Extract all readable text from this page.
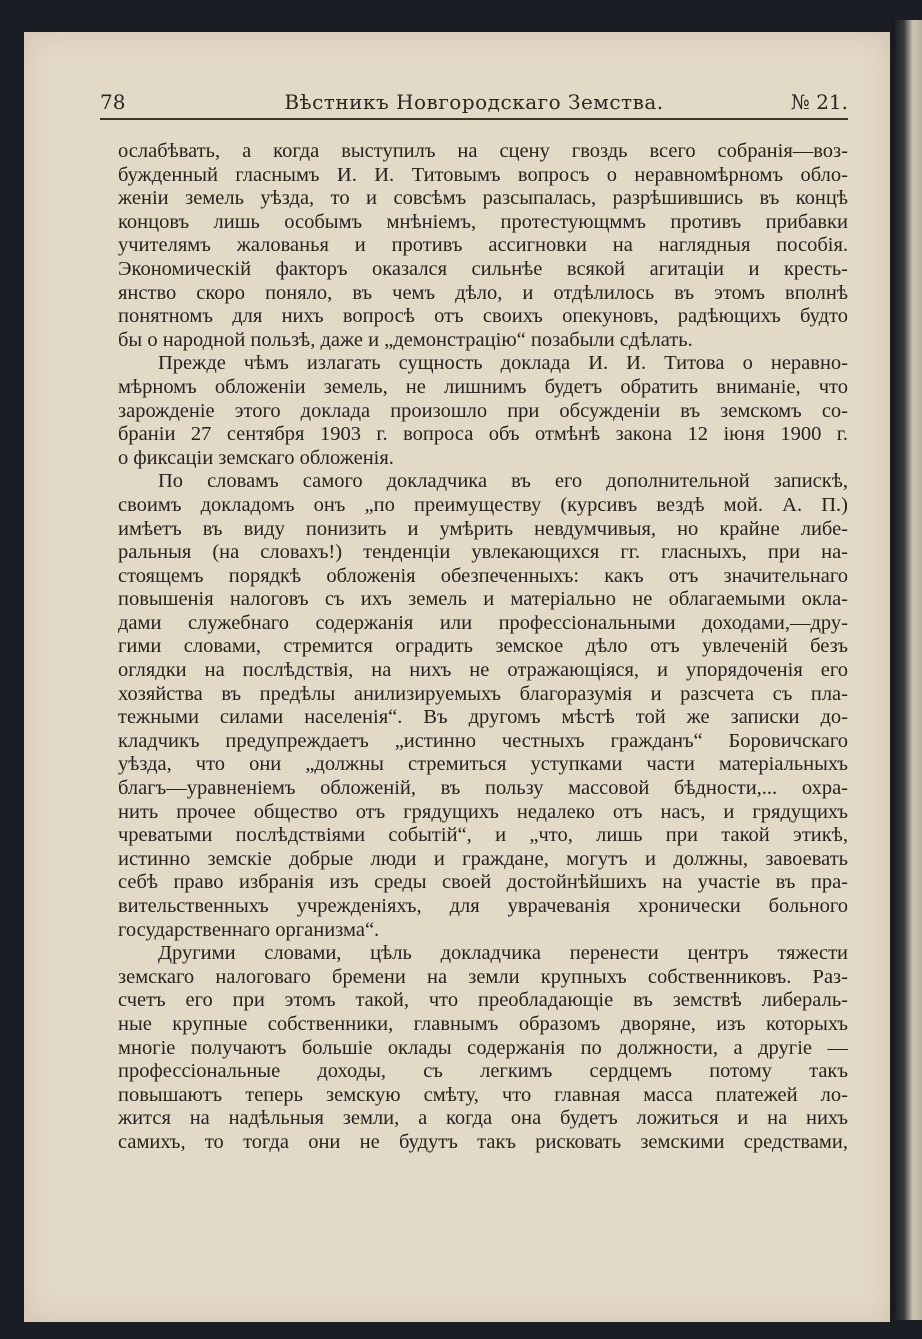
78	Вѣстникъ Новгородскаго Земства.	№ 21.

ослабѣвать, а когда выступилъ на сцену гвоздь всего собранія—воз-
бужденный гласнымъ И. И. Титовымъ вопросъ о неравномѣрномъ обло-
женіи земель уѣзда, то и совсѣмъ разсыпалась, разрѣшившись въ концѣ
концовъ лишь особымъ мнѣніемъ, протестующммъ противъ прибавки
учителямъ жалованья и противъ ассигновки на наглядныя пособія.
Экономическій факторъ оказался сильнѣе всякой агитаціи и кресть-
янство скоро поняло, въ чемъ дѣло, и отдѣлилось въ этомъ вполнѣ
понятномъ для нихъ вопросѣ отъ своихъ опекуновъ, радѣющихъ будто
бы о народной пользѣ, даже и „демонстрацію“ позабыли сдѣлать.

Прежде чѣмъ излагать сущность доклада И. И. Титова о неравно-
мѣрномъ обложеніи земель, не лишнимъ будетъ обратить вниманіе, что
зарожденіе этого доклада произошло при обсужденіи въ земскомъ со-
браніи 27 сентября 1903 г. вопроса объ отмѣнѣ закона 12 іюня 1900 г.
о фиксаціи земскаго обложенія.

По словамъ самого докладчика въ его дополнительной запискѣ,
своимъ докладомъ онъ „по преимуществу (курсивъ вездѣ мой. А. П.)
имѣетъ въ виду понизить и умѣрить невдумчивыя, но крайне либе-
ральныя (на словахъ!) тенденціи увлекающихся гг. гласныхъ, при на-
стоящемъ порядкѣ обложенія обезпеченныхъ: какъ отъ значительнаго
повышенія налоговъ съ ихъ земель и матеріально не облагаемыми окла-
дами служебнаго содержанія или профессіональными доходами,—дру-
гими словами, стремится оградить земское дѣло отъ увлеченій безъ
оглядки на послѣдствія, на нихъ не отражающіяся, и упорядоченія его
хозяйства въ предѣлы анилизируемыхъ благоразумія и разсчета съ пла-
тежными силами населенія“. Въ другомъ мѣстѣ той же записки до-
кладчикъ предупреждаетъ „истинно честныхъ гражданъ“ Боровичскаго
уѣзда, что они „должны стремиться уступками части матеріальныхъ
благъ—уравненіемъ обложеній, въ пользу массовой бѣдности,... охра-
нить прочее общество отъ грядущихъ недалеко отъ насъ, и грядущихъ
чреватыми послѣдствіями событій“, и „что, лишь при такой этикѣ,
истинно земскіе добрые люди и граждане, могутъ и должны, завоевать
себѣ право избранія изъ среды своей достойнѣйшихъ на участіе въ пра-
вительственныхъ учрежденіяхъ, для уврачеванія хронически больного
государственнаго организма“.

Другими словами, цѣль докладчика перенести центръ тяжести
земскаго налоговаго бремени на земли крупныхъ собственниковъ. Раз-
счетъ его при этомъ такой, что преобладающіе въ земствѣ либераль-
ные крупные собственники, главнымъ образомъ дворяне, изъ которыхъ
многіе получаютъ большіе оклады содержанія по должности, а другіе —
профессіональные доходы, съ легкимъ сердцемъ потому такъ
повышаютъ теперь земскую смѣту, что главная масса платежей ло-
жится на надѣльныя земли, а когда она будетъ ложиться и на нихъ
самихъ, то тогда они не будутъ такъ рисковать земскими средствами,
